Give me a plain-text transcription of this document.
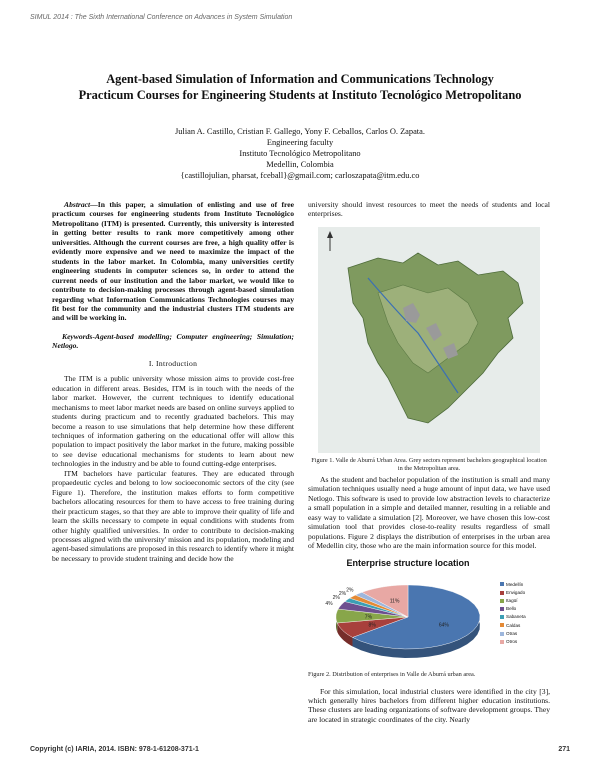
SIMUL 2014 : The Sixth International Conference on Advances in System Simulation
Agent-based Simulation of Information and Communications Technology
Practicum Courses for Engineering Students at Instituto Tecnológico Metropolitano
Julian A. Castillo, Cristian F. Gallego, Yony F. Ceballos, Carlos O. Zapata.
Engineering faculty
Instituto Tecnológico Metropolitano
Medellin, Colombia
{castillojulian, pharsat, fceball}@gmail.com; carloszapata@itm.edu.co
Abstract—In this paper, a simulation of enlisting and use of free practicum courses for engineering students from Instituto Tecnológico Metropolitano (ITM) is presented. Currently, this university is interested in getting better results to rank more competitively among other universities. Although the current courses are free, a high quality offer is evidently more expensive and we need to maximize the impact of the students in the labor market. In Colombia, many universities certify engineering students in computer sciences so, in order to attend the current needs of our institution and the labor market, we would like to contribute to decision-making processes through agent-based simulation regarding what Information Communications Technologies courses may fit best for the community and the industrial clusters ITM students are and will be working in.
Keywords-Agent-based modelling; Computer engineering; Simulation; Netlogo.
I. Introduction
The ITM is a public university whose mission aims to provide cost-free education in different areas. Besides, ITM is in touch with the needs of the labor market. However, the current techniques to identify educational mechanisms to meet labor market needs are based on online surveys applied to students during practicum and to recently graduated bachelors. This may become a reason to use simulations that help determine how these different techniques of information gathering on the educational offer will allow this population to impact positively the labor market in the future, making possible to see devise educational mechanisms for students to learn about new technologies in the industry and be able to found cutting-edge enterprises.
ITM bachelors have particular features. They are educated through propaedeutic cycles and belong to low socioeconomic sectors of the city (see Figure 1). Therefore, the institution makes efforts to form competitive bachelors allocating resources for them to have access to free training during their practicum stages, so that they are able to improve their quality of life and learn the skills necessary to compete in equal conditions with students from other highly qualified universities. In order to contribute to decision-making processes aligned with the university' mission and its population, modeling and agent-based simulations are proposed in this research to identify where it might be necessary to provide student training and decide how the
university should invest resources to meet the needs of students and local enterprises.
Figure 1. Valle de Aburrá Urban Area. Grey sectors represent bachelors geographical location in the Metropolitan area.
As the student and bachelor population of the institution is small and many simulation techniques usually need a huge amount of input data, we have used Netlogo. This software is used to provide low abstraction levels to characterize a small population in a simple and detailed manner, resulting in a reliable and easy way to validate a simulation [2]. Moreover, we have chosen this low-cost simulation tool that provides close-to-reality results regardless of small populations. Figure 2 displays the distribution of enterprises in the urban area of Medellin city, those who are the main information source for this model.
Enterprise structure location
64%
8%
7%
4%
2%
2%
2%
11%
Medellín
Envigado
Itagüí
Bello
Sabaneta
Caldas
Otras
Otros
Figure 2. Distribution of enterprises in Valle de Aburrá urban area.
For this simulation, local industrial clusters were identified in the city [3], which generally hires bachelors from different higher education institutions. These clusters are leading organizations of software development groups. They are located in strategic coordinates of the city. Nearly
Copyright (c) IARIA, 2014. ISBN: 978-1-61208-371-1	271
